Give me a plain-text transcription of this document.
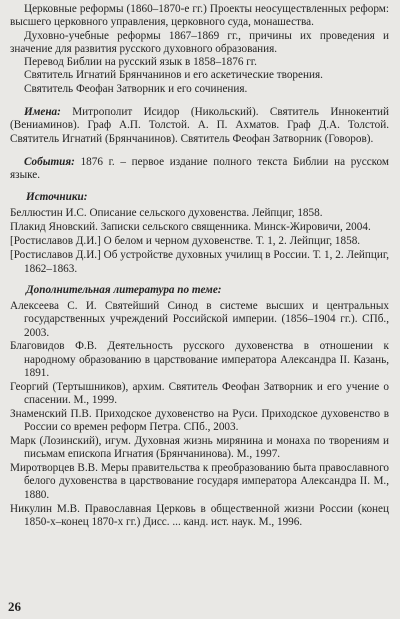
Церковные реформы (1860–1870-е гг.) Проекты неосуществленных реформ: высшего церковного управления, церковного суда, монашества.

Духовно-учебные реформы 1867–1869 гг., причины их проведения и значение для развития русского духовного образования.

Перевод Библии на русский язык в 1858–1876 гг.

Святитель Игнатий Брянчанинов и его аскетические творения.

Святитель Феофан Затворник и его сочинения.

Имена: Митрополит Исидор (Никольский). Святитель Иннокентий (Вениаминов). Граф А.П. Толстой. А. П. Ахматов. Граф Д.А. Толстой. Святитель Игнатий (Брянчанинов). Святитель Феофан Затворник (Говоров).

События: 1876 г. – первое издание полного текста Библии на русском языке.

Источники:

Беллюстин И.С. Описание сельского духовенства. Лейпциг, 1858.

Плакид Яновский. Записки сельского священника. Минск-Жировичи, 2004.

[Ростиславов Д.И.] О белом и черном духовенстве. Т. 1, 2. Лейпциг, 1858.

[Ростиславов Д.И.] Об устройстве духовных училищ в России. Т. 1, 2. Лейпциг, 1862–1863.

Дополнительная литература по теме:

Алексеева С. И. Святейший Синод в системе высших и центральных государственных учреждений Российской империи. (1856–1904 гг.). СПб., 2003.

Благовидов Ф.В. Деятельность русского духовенства в отношении к народному образованию в царствование императора Александра II. Казань, 1891.

Георгий (Тертышников), архим. Святитель Феофан Затворник и его учение о спасении. М., 1999.

Знаменский П.В. Приходское духовенство на Руси. Приходское духовенство в России со времен реформ Петра. СПб., 2003.

Марк (Лозинский), игум. Духовная жизнь мирянина и монаха по творениям и письмам епископа Игнатия (Брянчанинова). М., 1997.

Миротворцев В.В. Меры правительства к преобразованию быта православного белого духовенства в царствование государя императора Александра II. М., 1880.

Никулин М.В. Православная Церковь в общественной жизни России (конец 1850-х–конец 1870-х гг.) Дисс. ... канд. ист. наук. М., 1996.

26
